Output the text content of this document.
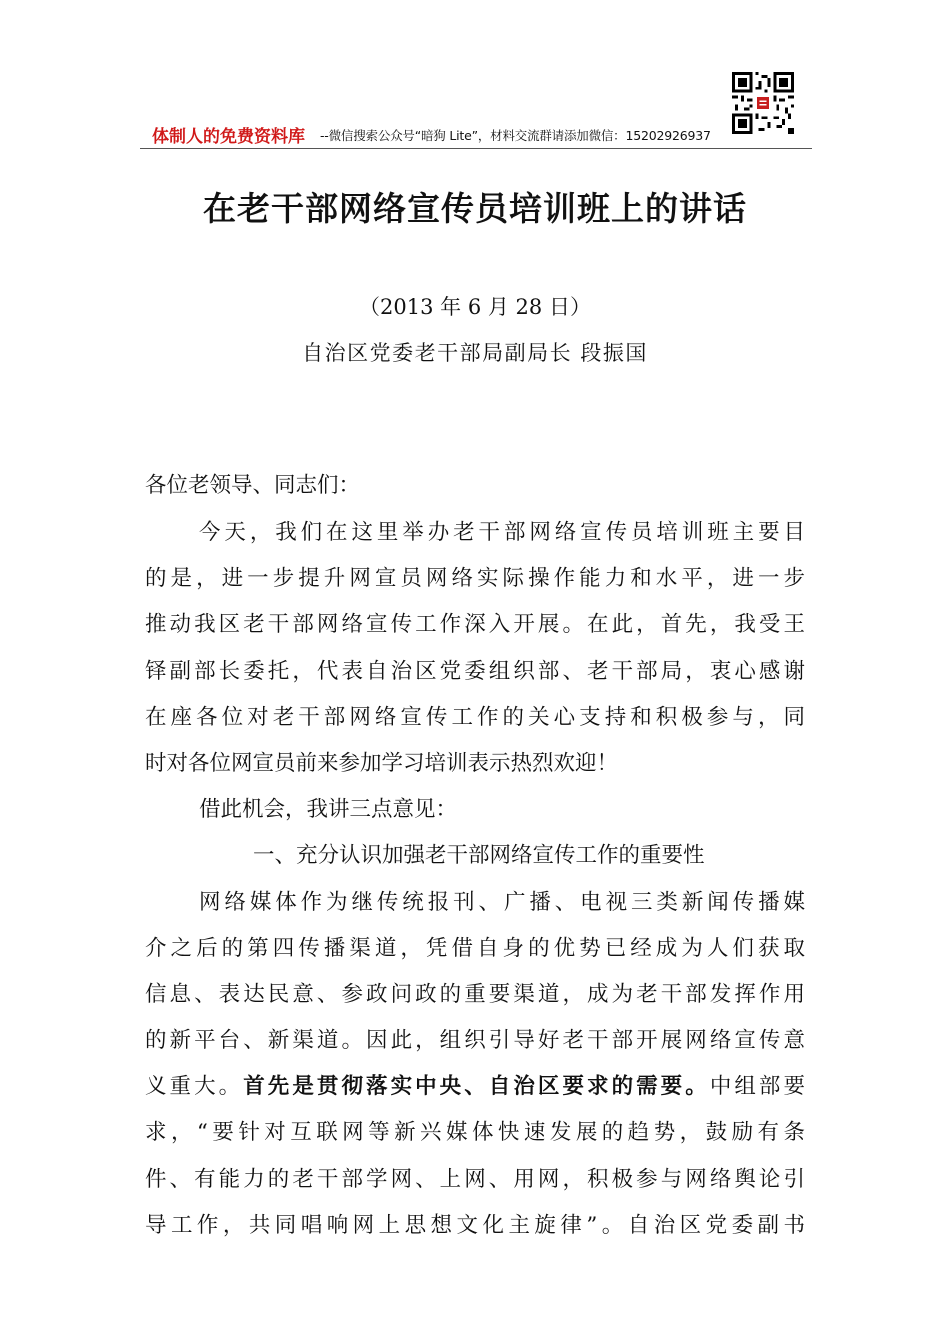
体制人的免费资料库 --微信搜索公众号“暗狗 Lite”，材料交流群请添加微信：15202926937
在老干部网络宣传员培训班上的讲话
（2013 年 6 月 28 日）
自治区党委老干部局副局长 段振国
各位老领导、同志们：
今天，我们在这里举办老干部网络宣传员培训班主要目
的是，进一步提升网宣员网络实际操作能力和水平，进一步
推动我区老干部网络宣传工作深入开展。在此，首先，我受王
铎副部长委托，代表自治区党委组织部、老干部局，衷心感谢
在座各位对老干部网络宣传工作的关心支持和积极参与，同
时对各位网宣员前来参加学习培训表示热烈欢迎！
借此机会，我讲三点意见：
一、充分认识加强老干部网络宣传工作的重要性
网络媒体作为继传统报刊、广播、电视三类新闻传播媒
介之后的第四传播渠道，凭借自身的优势已经成为人们获取
信息、表达民意、参政问政的重要渠道，成为老干部发挥作用
的新平台、新渠道。因此，组织引导好老干部开展网络宣传意
义重大。首先是贯彻落实中央、自治区要求的需要。中组部要
求，“要针对互联网等新兴媒体快速发展的趋势，鼓励有条
件、有能力的老干部学网、上网、用网，积极参与网络舆论引
导工作，共同唱响网上思想文化主旋律”。自治区党委副书
